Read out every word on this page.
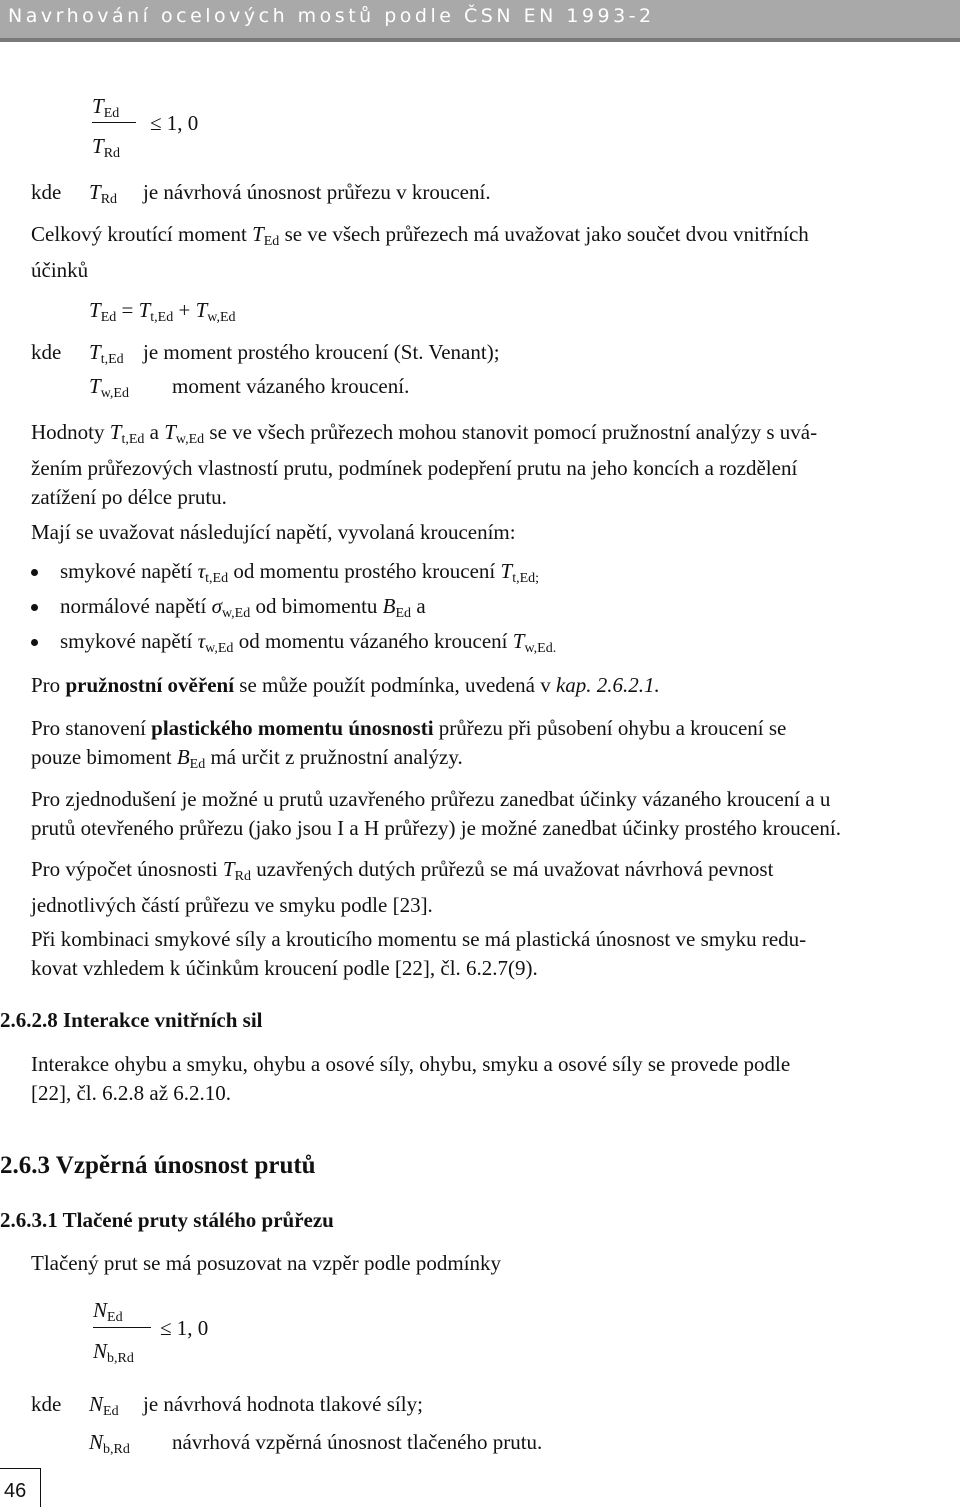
Navrhování ocelových mostů podle ČSN EN 1993-2
$T_{Ed}$
$T_{Rd}$
≤ 1, 0
kde $T_{Rd}$ je návrhová únosnost průřezu v kroucení.
Celkový kroutící moment $T_{Ed}$ se ve všech průřezech má uvažovat jako součet dvou vnitřních
účinků
$T_{Ed} = T_{t,Ed} + T_{w,Ed}$
kde $T_{t,Ed}$ je moment prostého kroucení (St. Venant);
$T_{w,Ed}$ moment vázaného kroucení.
Hodnoty $T_{t,Ed}$ a $T_{w,Ed}$ se ve všech průřezech mohou stanovit pomocí pružnostní analýzy s uvá-
žením průřezových vlastností prutu, podmínek podepření prutu na jeho koncích a rozdělení
zatížení po délce prutu.
Mají se uvažovat následující napětí, vyvolaná kroucením:
smykové napětí $\tau_{t,Ed}$ od momentu prostého kroucení $T_{t,Ed;}$
normálové napětí $\sigma_{w,Ed}$ od bimomentu $B_{Ed}$ a
smykové napětí $\tau_{w,Ed}$ od momentu vázaného kroucení $T_{w,Ed.}$
Pro pružnostní ověření se může použít podmínka, uvedená v kap. 2.6.2.1.
Pro stanovení plastického momentu únosnosti průřezu při působení ohybu a kroucení se
pouze bimoment $B_{Ed}$ má určit z pružnostní analýzy.
Pro zjednodušení je možné u prutů uzavřeného průřezu zanedbat účinky vázaného kroucení a u
prutů otevřeného průřezu (jako jsou I a H průřezy) je možné zanedbat účinky prostého kroucení.
Pro výpočet únosnosti $T_{Rd}$ uzavřených dutých průřezů se má uvažovat návrhová pevnost
jednotlivých částí průřezu ve smyku podle [23].
Při kombinaci smykové síly a krouticího momentu se má plastická únosnost ve smyku redu-
kovat vzhledem k účinkům kroucení podle [22], čl. 6.2.7(9).
2.6.2.8 Interakce vnitřních sil
Interakce ohybu a smyku, ohybu a osové síly, ohybu, smyku a osové síly se provede podle
[22], čl. 6.2.8 až 6.2.10.
2.6.3 Vzpěrná únosnost prutů
2.6.3.1 Tlačené pruty stálého průřezu
Tlačený prut se má posuzovat na vzpěr podle podmínky
$N_{Ed}$
$N_{b,Rd}$
≤ 1, 0
kde $N_{Ed}$ je návrhová hodnota tlakové síly;
$N_{b,Rd}$ návrhová vzpěrná únosnost tlačeného prutu.
46
